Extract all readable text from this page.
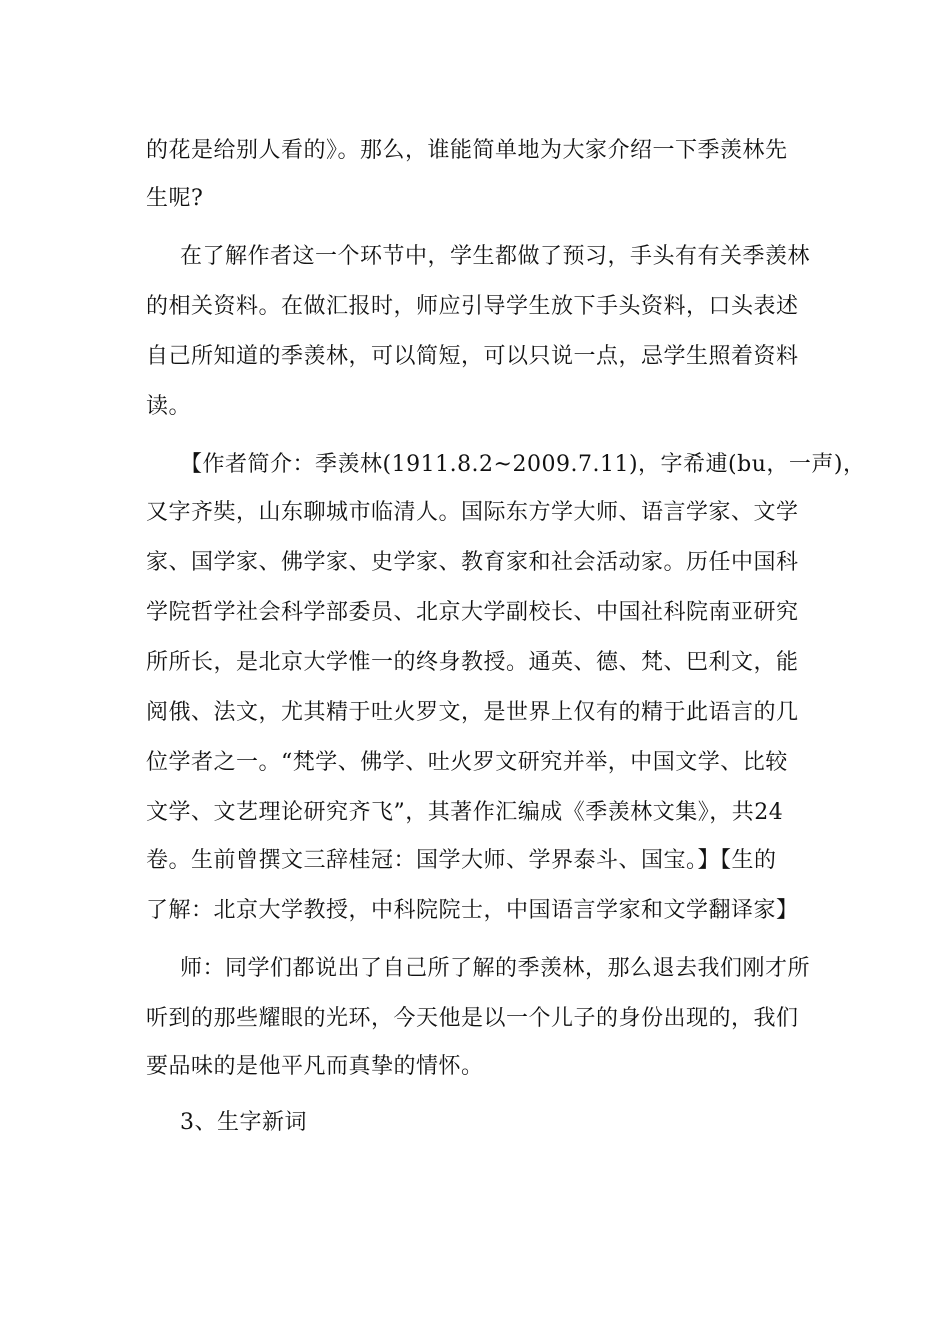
的花是给别人看的》。那么，谁能简单地为大家介绍一下季羡林先
生呢?
在了解作者这一个环节中，学生都做了预习，手头有有关季羡林
的相关资料。在做汇报时，师应引导学生放下手头资料，口头表述
自己所知道的季羡林，可以简短，可以只说一点，忌学生照着资料
读。
【作者简介：季羡林(1911.8.2~2009.7.11)，字希逋(bu，一声)，
又字齐奘，山东聊城市临清人。国际东方学大师、语言学家、文学
家、国学家、佛学家、史学家、教育家和社会活动家。历任中国科
学院哲学社会科学部委员、北京大学副校长、中国社科院南亚研究
所所长，是北京大学惟一的终身教授。通英、德、梵、巴利文，能
阅俄、法文，尤其精于吐火罗文，是世界上仅有的精于此语言的几
位学者之一。“梵学、佛学、吐火罗文研究并举，中国文学、比较
文学、文艺理论研究齐飞”，其著作汇编成《季羡林文集》，共24
卷。生前曾撰文三辞桂冠：国学大师、学界泰斗、国宝。】【生的
了解：北京大学教授，中科院院士，中国语言学家和文学翻译家】
师：同学们都说出了自己所了解的季羡林，那么退去我们刚才所
听到的那些耀眼的光环，今天他是以一个儿子的身份出现的，我们
要品味的是他平凡而真挚的情怀。
3、生字新词
